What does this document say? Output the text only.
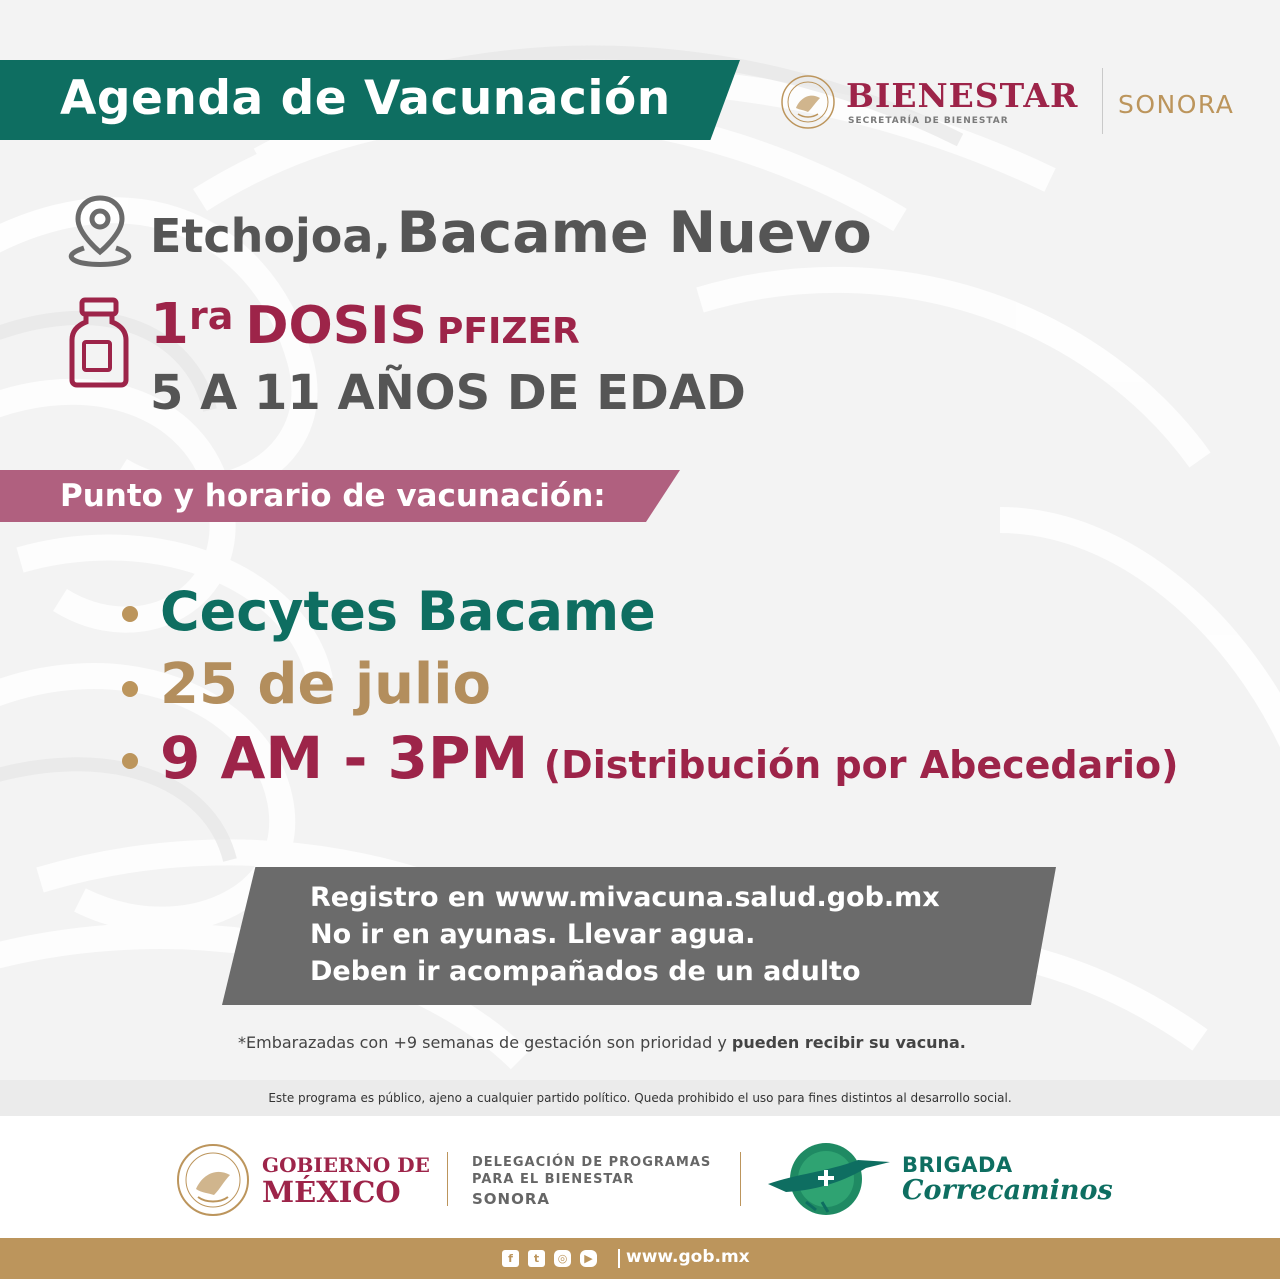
Agenda de Vacunación	BIENESTAR
SECRETARÍA DE BIENESTAR
SONORA
Etchojoa, Bacame Nuevo
1ra DOSIS PFIZER
5 A 11 AÑOS DE EDAD
Punto y horario de vacunación:
Cecytes Bacame
25 de julio
9 AM - 3PM (Distribución por Abecedario)
Registro en www.mivacuna.salud.gob.mx
No ir en ayunas. Llevar agua.
Deben ir acompañados de un adulto
*Embarazadas con +9 semanas de gestación son prioridad y pueden recibir su vacuna.
Este programa es público, ajeno a cualquier partido político. Queda prohibido el uso para fines distintos al desarrollo social.
GOBIERNO DE
MÉXICO
DELEGACIÓN DE PROGRAMAS
PARA EL BIENESTAR
SONORA
BRIGADA
Correcaminos
f	t	◎	▶ www.gob.mx
